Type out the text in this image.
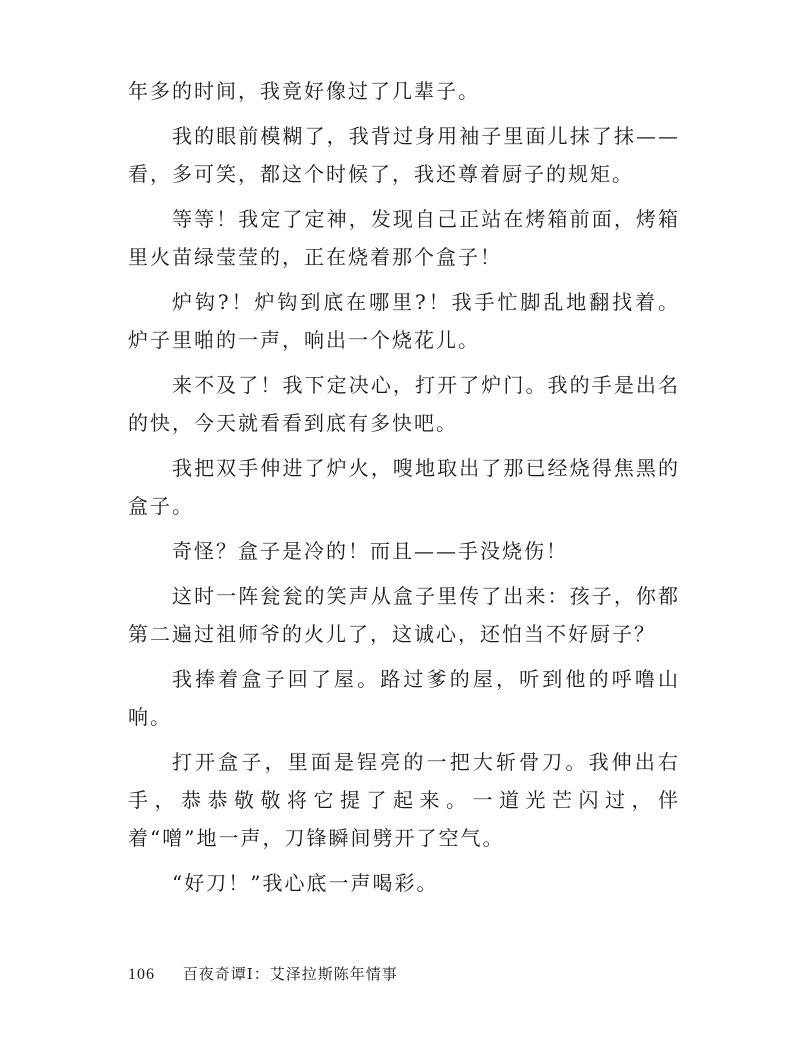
年多的时间，我竟好像过了几辈子。

我的眼前模糊了，我背过身用袖子里面儿抹了抹——看，多可笑，都这个时候了，我还尊着厨子的规矩。

等等！我定了定神，发现自己正站在烤箱前面，烤箱里火苗绿莹莹的，正在烧着那个盒子！

炉钩?！炉钩到底在哪里?！我手忙脚乱地翻找着。炉子里啪的一声，响出一个烧花儿。

来不及了！我下定决心，打开了炉门。我的手是出名的快，今天就看看到底有多快吧。

我把双手伸进了炉火，嗖地取出了那已经烧得焦黑的盒子。

奇怪？盒子是冷的！而且——手没烧伤！

这时一阵瓮瓮的笑声从盒子里传了出来：孩子，你都第二遍过祖师爷的火儿了，这诚心，还怕当不好厨子？

我捧着盒子回了屋。路过爹的屋，听到他的呼噜山响。

打开盒子，里面是锃亮的一把大斩骨刀。我伸出右手，恭恭敬敬将它提了起来。一道光芒闪过，伴着“噌”地一声，刀锋瞬间劈开了空气。

“好刀！”我心底一声喝彩。

106 百夜奇谭Ⅰ：艾泽拉斯陈年情事
